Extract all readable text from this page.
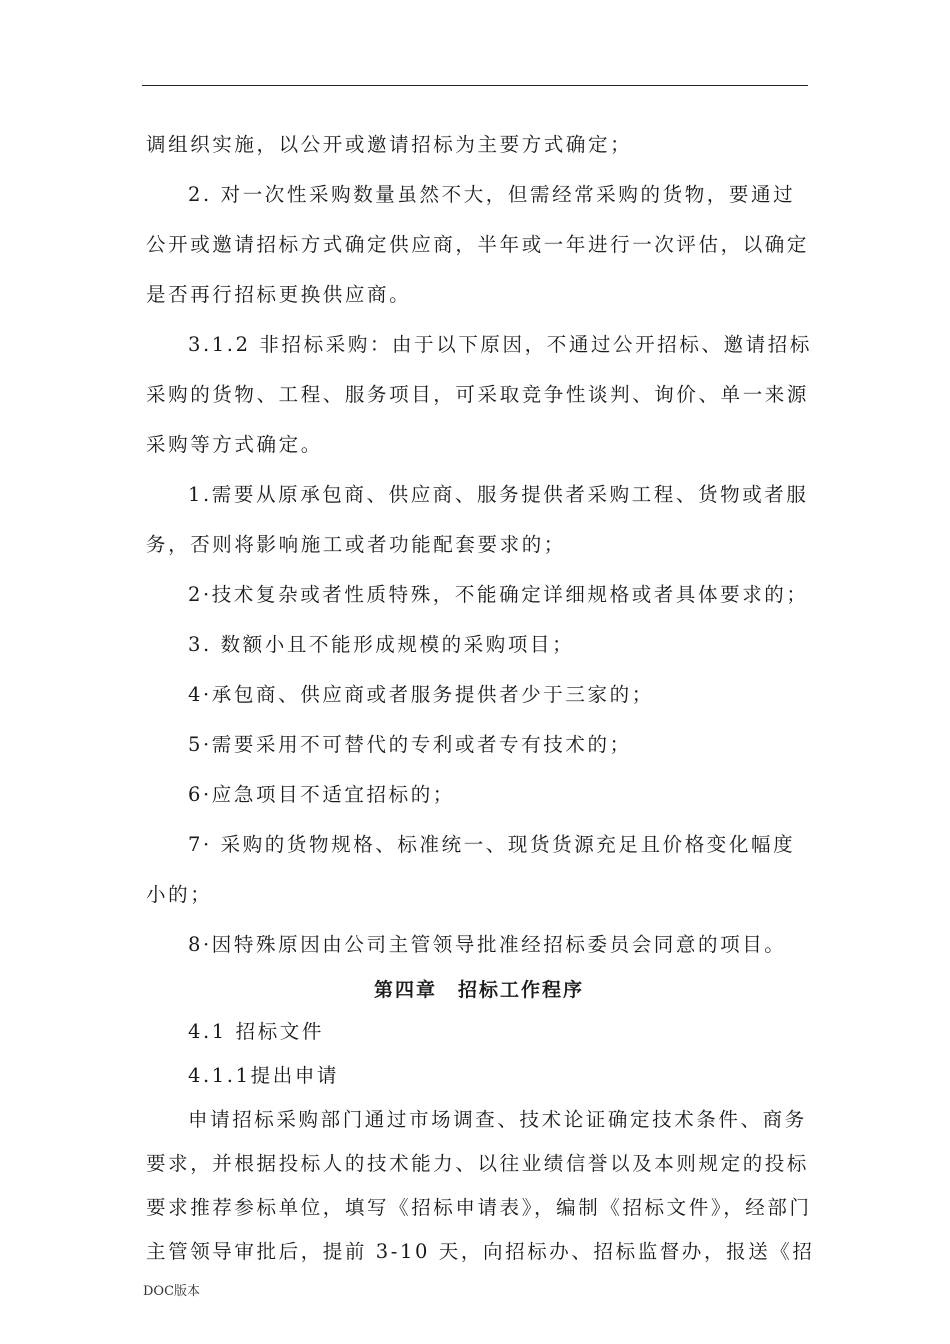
调组织实施，以公开或邀请招标为主要方式确定；

2. 对一次性采购数量虽然不大，但需经常采购的货物，要通过

公开或邀请招标方式确定供应商，半年或一年进行一次评估，以确定

是否再行招标更换供应商。

3.1.2 非招标采购：由于以下原因，不通过公开招标、邀请招标

采购的货物、工程、服务项目，可采取竞争性谈判、询价、单一来源

采购等方式确定。

1.需要从原承包商、供应商、服务提供者采购工程、货物或者服

务，否则将影响施工或者功能配套要求的；

2·技术复杂或者性质特殊，不能确定详细规格或者具体要求的；

3. 数额小且不能形成规模的采购项目；

4·承包商、供应商或者服务提供者少于三家的；

5·需要采用不可替代的专利或者专有技术的；

6·应急项目不适宜招标的；

7· 采购的货物规格、标准统一、现货货源充足且价格变化幅度

小的；

8·因特殊原因由公司主管领导批准经招标委员会同意的项目。

第四章　招标工作程序

4.1 招标文件

4.1.1提出申请

申请招标采购部门通过市场调查、技术论证确定技术条件、商务

要求，并根据投标人的技术能力、以往业绩信誉以及本则规定的投标

要求推荐参标单位，填写《招标申请表》，编制《招标文件》，经部门

主管领导审批后，提前 3-10 天，向招标办、招标监督办，报送《招

DOC版本
